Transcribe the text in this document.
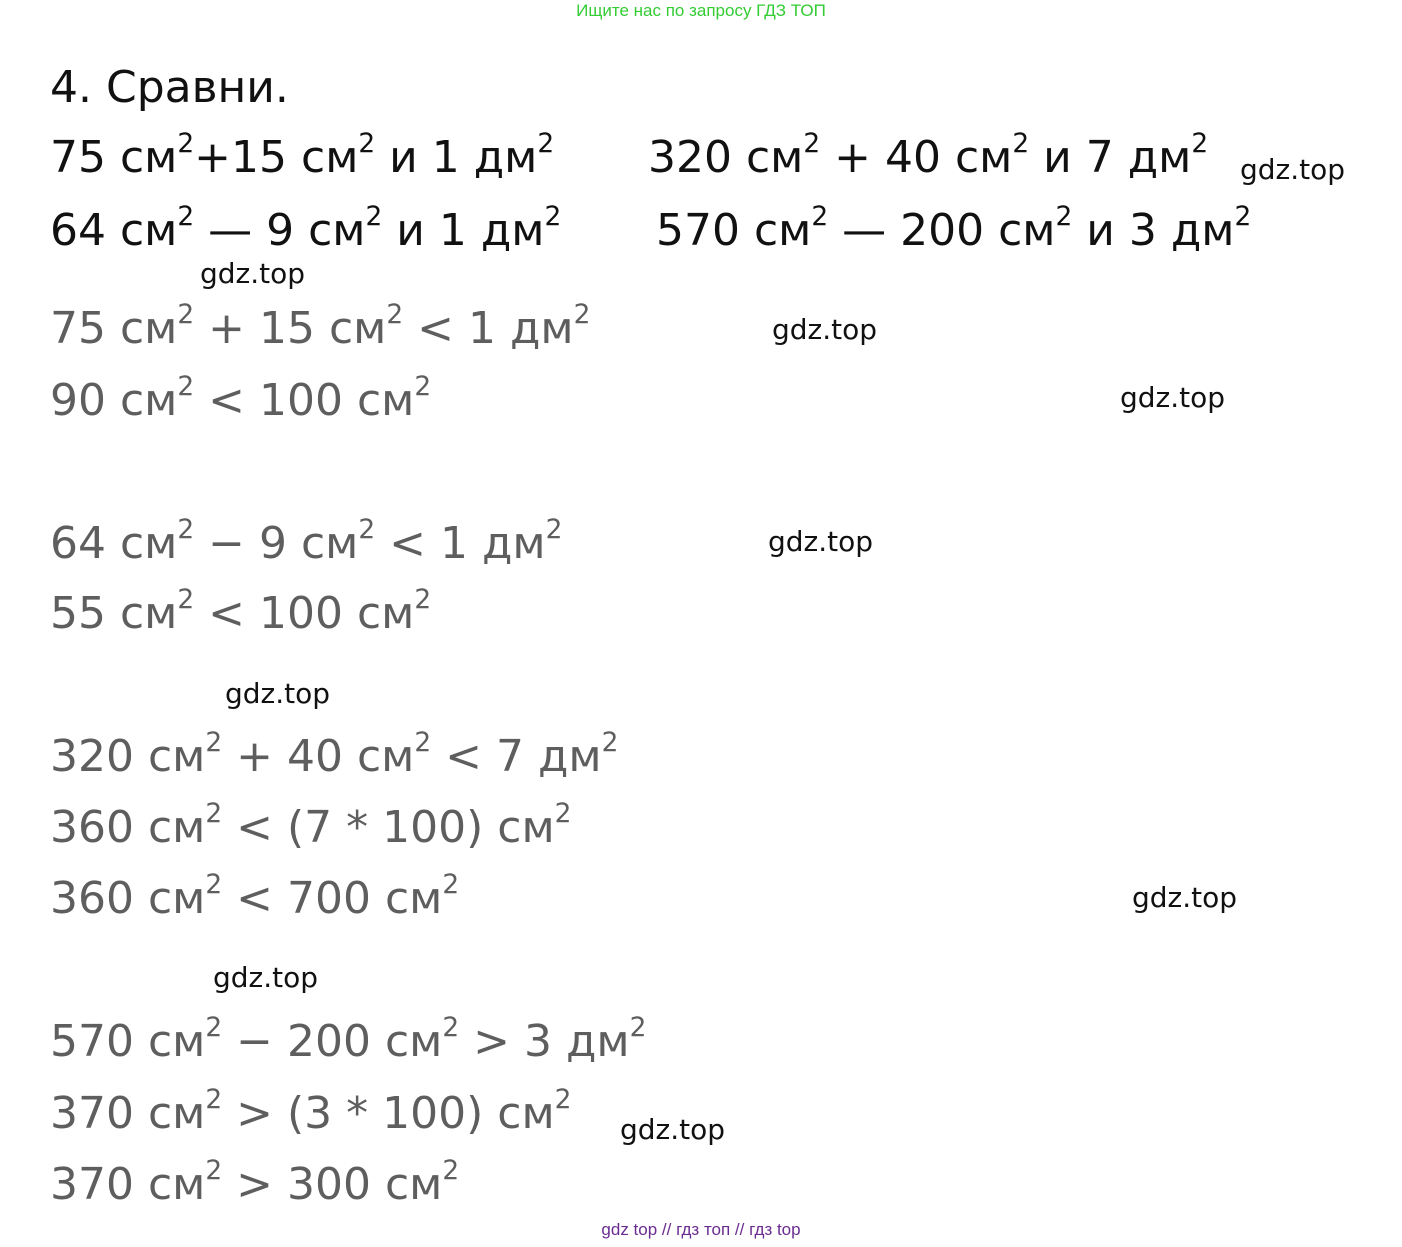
Ищите нас по запросу ГДЗ ТОП
4. Сравни.
75 $см^2+15$ $см^2$ и 1 $дм^2$ 320 $см^2 + 40$ $см^2$ и 7 $дм^2$
64 $см^2$ — 9 $см^2$ и 1 $дм^2$ 570 $см^2$ — 200 $см^2$ и 3 $дм^2$
75 $см^2 + 15$ $см^2 < 1$ $дм^2$
90 $см^2 < 100$ $см^2$
64 $см^2 - 9$ $см^2 < 1$ $дм^2$
55 $см^2 < 100$ $см^2$
320 $см^2 + 40$ $см^2 < 7$ $дм^2$
360 $см^2 < (7 * 100)$ $см^2$
360 $см^2 < 700$ $см^2$
570 $см^2 - 200$ $см^2 > 3$ $дм^2$
370 $см^2 > (3 * 100)$ $см^2$
370 $см^2 > 300$ $см^2$
gdz.top
gdz.top
gdz.top
gdz.top
gdz.top
gdz.top
gdz.top
gdz.top
gdz.top
gdz top // гдз топ // гдз top
